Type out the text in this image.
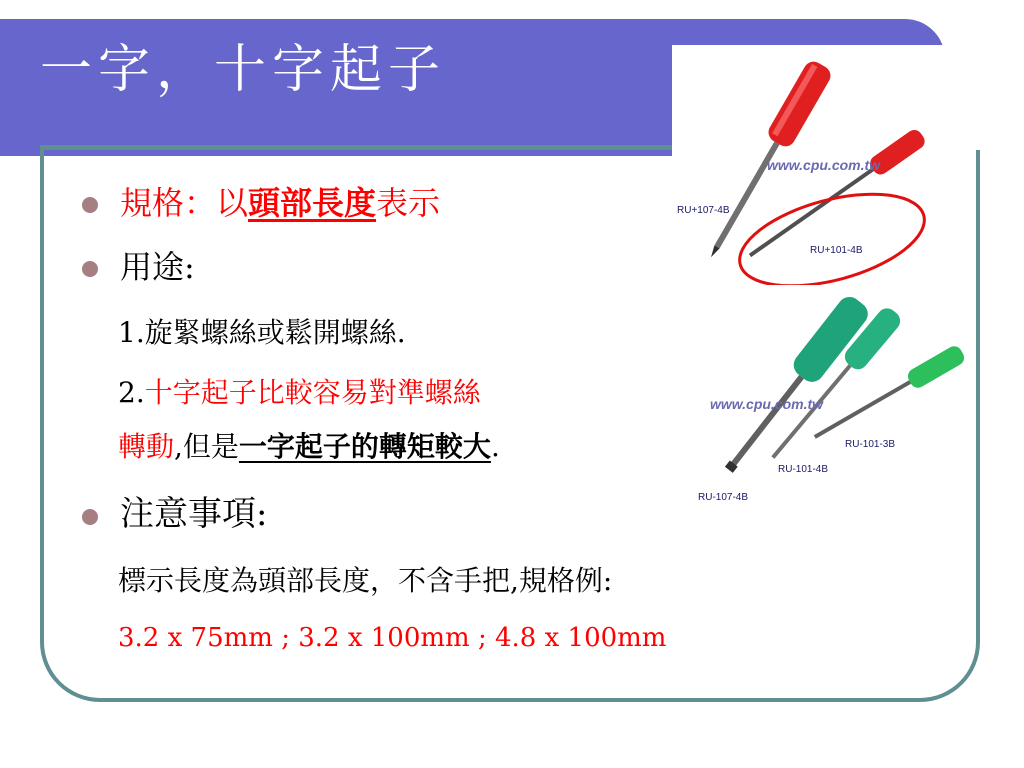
一字，十字起子
www.cpu.com.tw
RU+107-4B
RU+101-4B
www.cpu.com.tw
RU-101-3B
RU-101-4B
RU-107-4B
規格：以頭部長度表示
用途:
1.旋緊螺絲或鬆開螺絲.
2.十字起子比較容易對準螺絲
轉動,但是一字起子的轉矩較大.
注意事項:
標示長度為頭部長度，不含手把,規格例:
3.2 x 75mm ; 3.2 x 100mm ; 4.8 x 100mm
